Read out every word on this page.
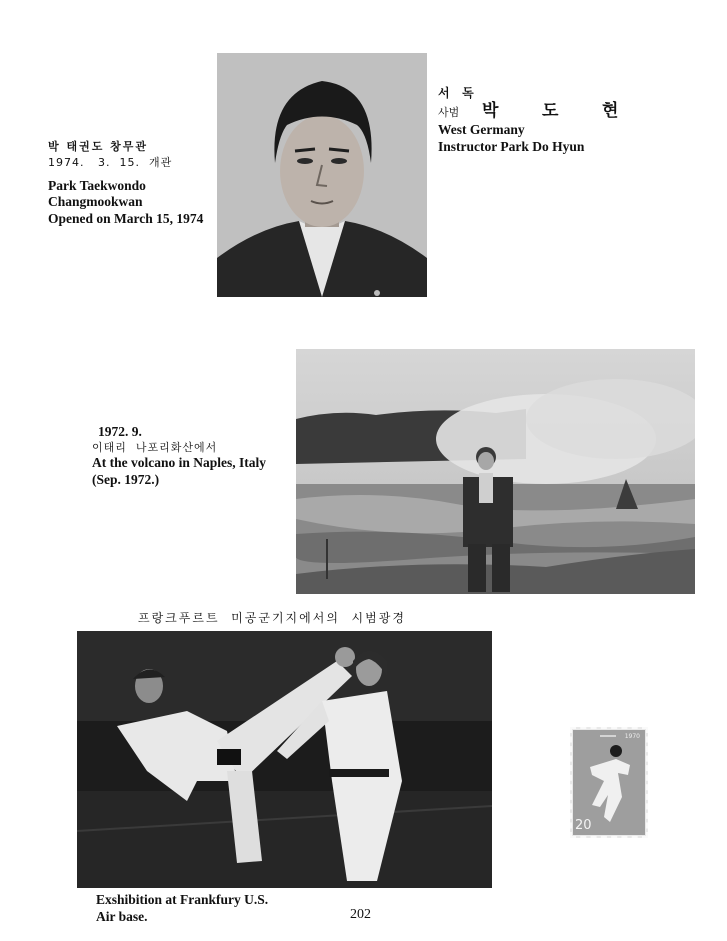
서   독
사범	박	도	현
West Germany
Instructor Park Do Hyun
박 태권도 창무관
1974.   3.  15.  개관
Park Taekwondo
Changmookwan
Opened on March 15, 1974
1972. 9.
이태리  나포리화산에서
At the volcano in Naples, Italy
(Sep. 1972.)
프랑크푸르트  미공군기지에서의  시범광경
Exshibition at Frankfury U.S.
Air base.
1970
20
202
